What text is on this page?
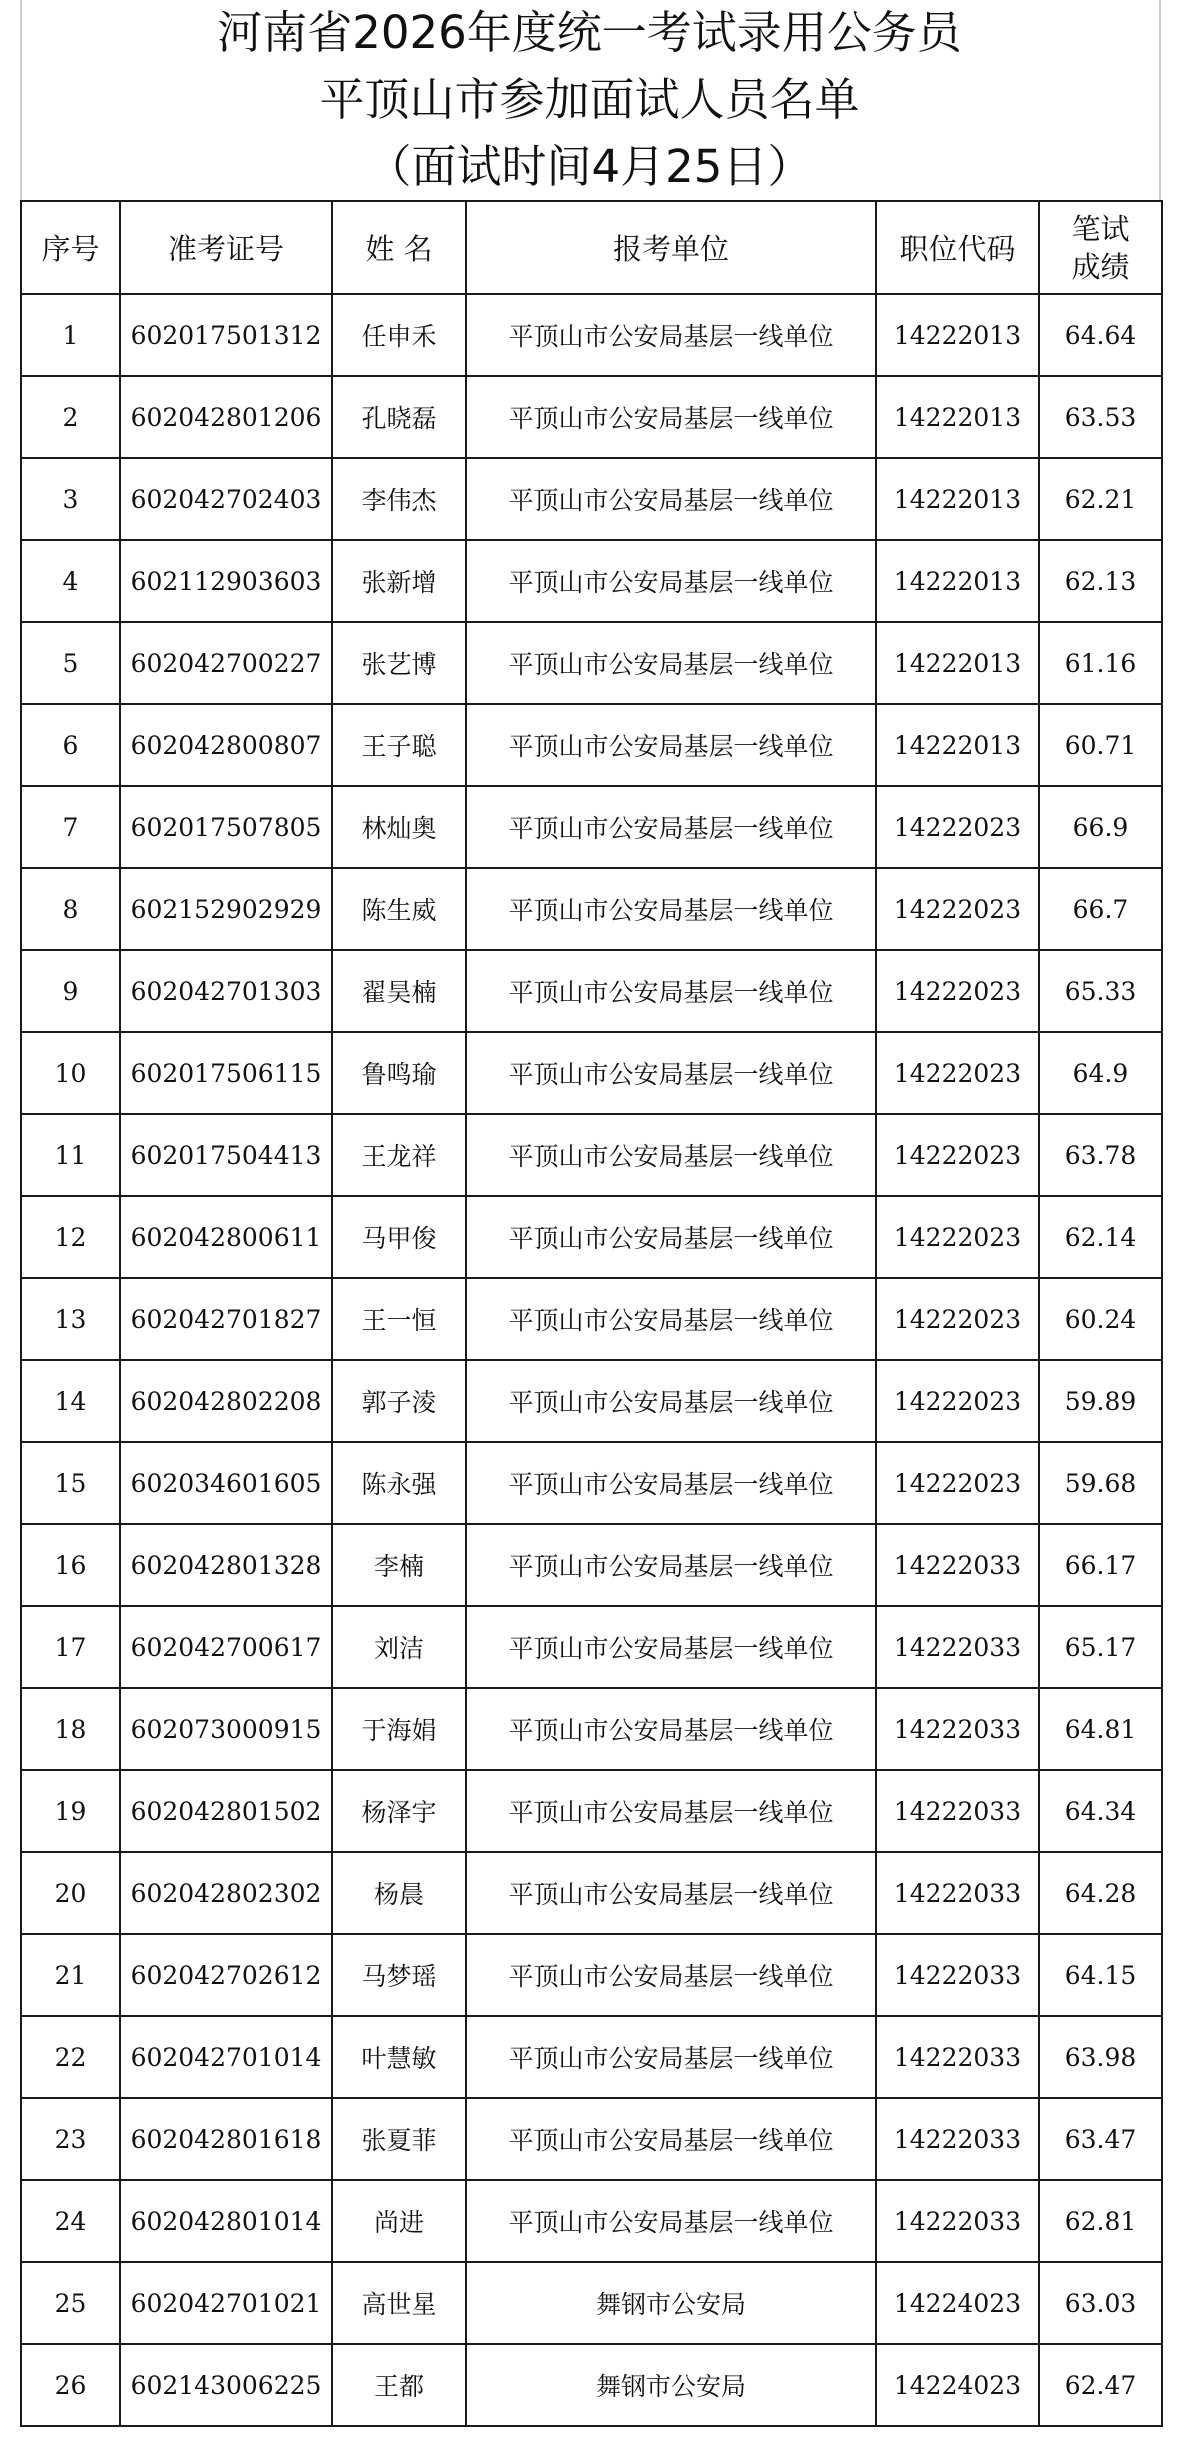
河南省2026年度统一考试录用公务员
平顶山市参加面试人员名单
（面试时间4月25日）
序号	准考证号	姓 名	报考单位	职位代码	笔试
成绩

1	602017501312	任申禾	平顶山市公安局基层一线单位	14222013	64.64
2	602042801206	孔晓磊	平顶山市公安局基层一线单位	14222013	63.53
3	602042702403	李伟杰	平顶山市公安局基层一线单位	14222013	62.21
4	602112903603	张新增	平顶山市公安局基层一线单位	14222013	62.13
5	602042700227	张艺博	平顶山市公安局基层一线单位	14222013	61.16
6	602042800807	王子聪	平顶山市公安局基层一线单位	14222013	60.71
7	602017507805	林灿奥	平顶山市公安局基层一线单位	14222023	66.9
8	602152902929	陈生威	平顶山市公安局基层一线单位	14222023	66.7
9	602042701303	翟昊楠	平顶山市公安局基层一线单位	14222023	65.33
10	602017506115	鲁鸣瑜	平顶山市公安局基层一线单位	14222023	64.9
11	602017504413	王龙祥	平顶山市公安局基层一线单位	14222023	63.78
12	602042800611	马甲俊	平顶山市公安局基层一线单位	14222023	62.14
13	602042701827	王一恒	平顶山市公安局基层一线单位	14222023	60.24
14	602042802208	郭子淩	平顶山市公安局基层一线单位	14222023	59.89
15	602034601605	陈永强	平顶山市公安局基层一线单位	14222023	59.68
16	602042801328	李楠	平顶山市公安局基层一线单位	14222033	66.17
17	602042700617	刘洁	平顶山市公安局基层一线单位	14222033	65.17
18	602073000915	于海娟	平顶山市公安局基层一线单位	14222033	64.81
19	602042801502	杨泽宇	平顶山市公安局基层一线单位	14222033	64.34
20	602042802302	杨晨	平顶山市公安局基层一线单位	14222033	64.28
21	602042702612	马梦瑶	平顶山市公安局基层一线单位	14222033	64.15
22	602042701014	叶慧敏	平顶山市公安局基层一线单位	14222033	63.98
23	602042801618	张夏菲	平顶山市公安局基层一线单位	14222033	63.47
24	602042801014	尚进	平顶山市公安局基层一线单位	14222033	62.81
25	602042701021	高世星	舞钢市公安局	14224023	63.03
26	602143006225	王都	舞钢市公安局	14224023	62.47
